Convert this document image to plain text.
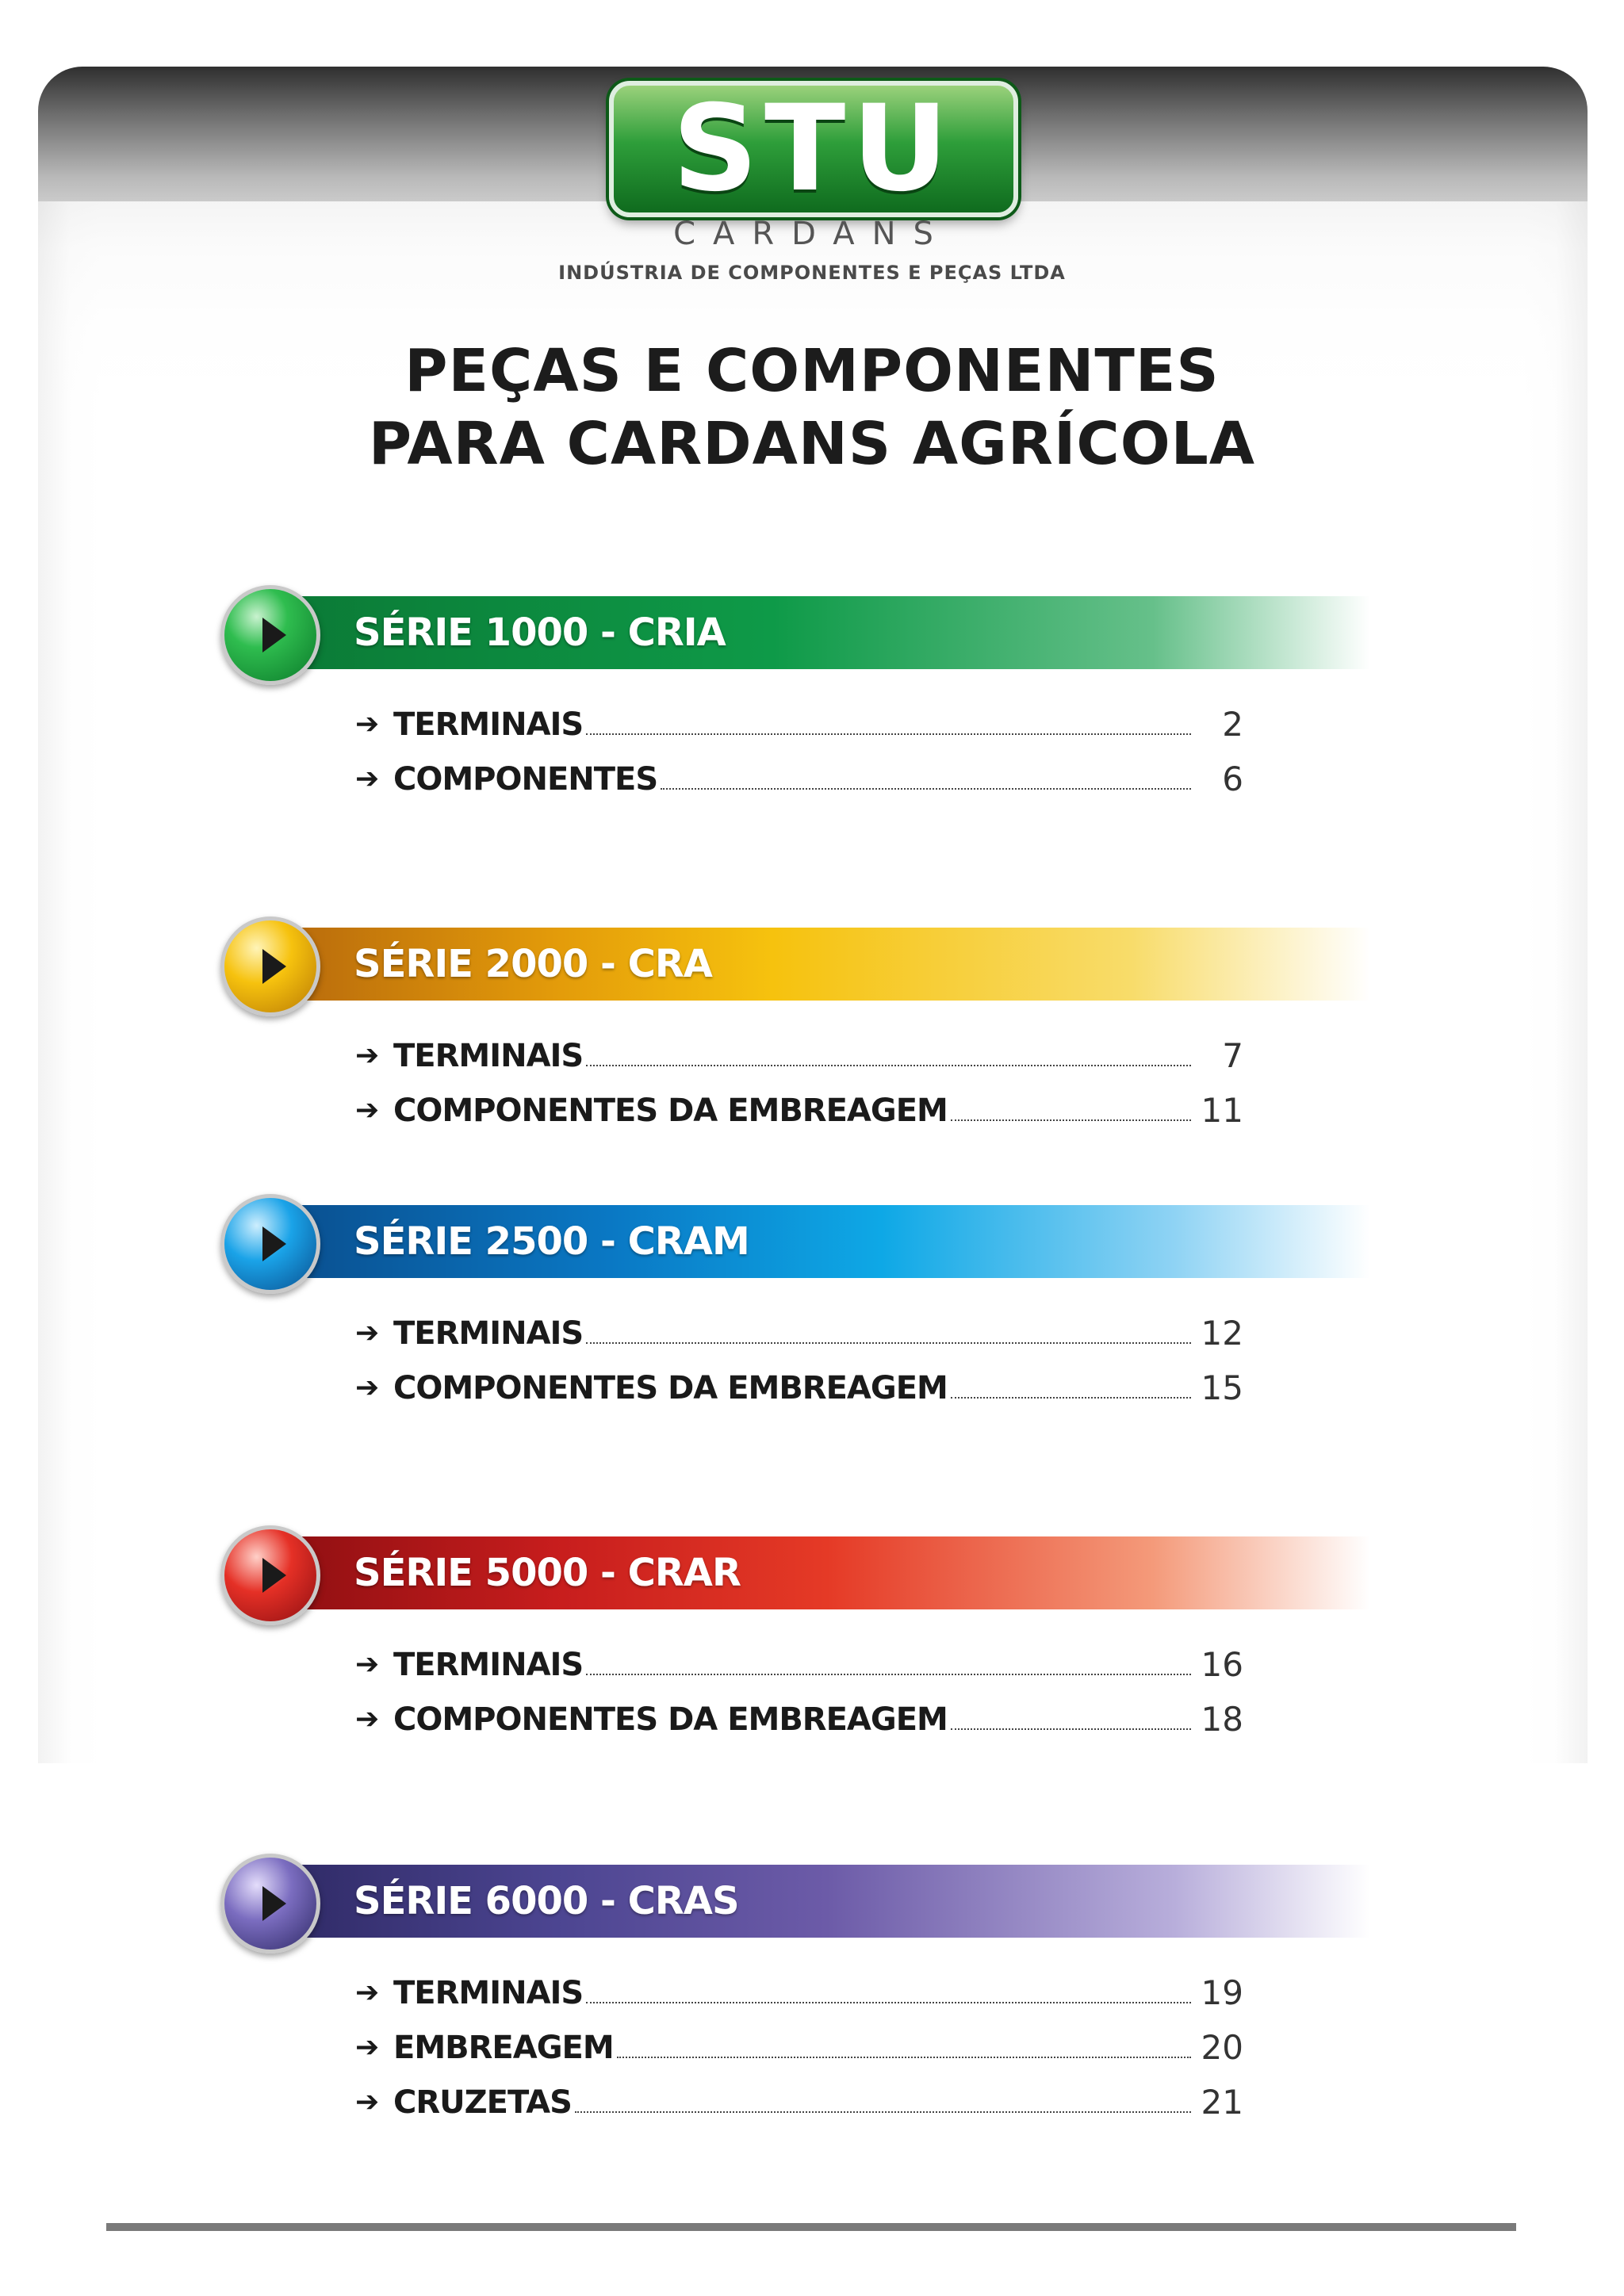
STU
CARDANS
INDÚSTRIA DE COMPONENTES E PEÇAS LTDA
PEÇAS E COMPONENTES
PARA CARDANS AGRÍCOLA
SÉRIE 1000 - CRIA
➔ TERMINAIS	2
➔ COMPONENTES	6
SÉRIE 2000 - CRA
➔ TERMINAIS	7
➔ COMPONENTES DA EMBREAGEM	11
SÉRIE 2500 - CRAM
➔ TERMINAIS	12
➔ COMPONENTES DA EMBREAGEM	15
SÉRIE 5000 - CRAR
➔ TERMINAIS	16
➔ COMPONENTES DA EMBREAGEM	18
SÉRIE 6000 - CRAS
➔ TERMINAIS	19
➔ EMBREAGEM	20
➔ CRUZETAS	21
